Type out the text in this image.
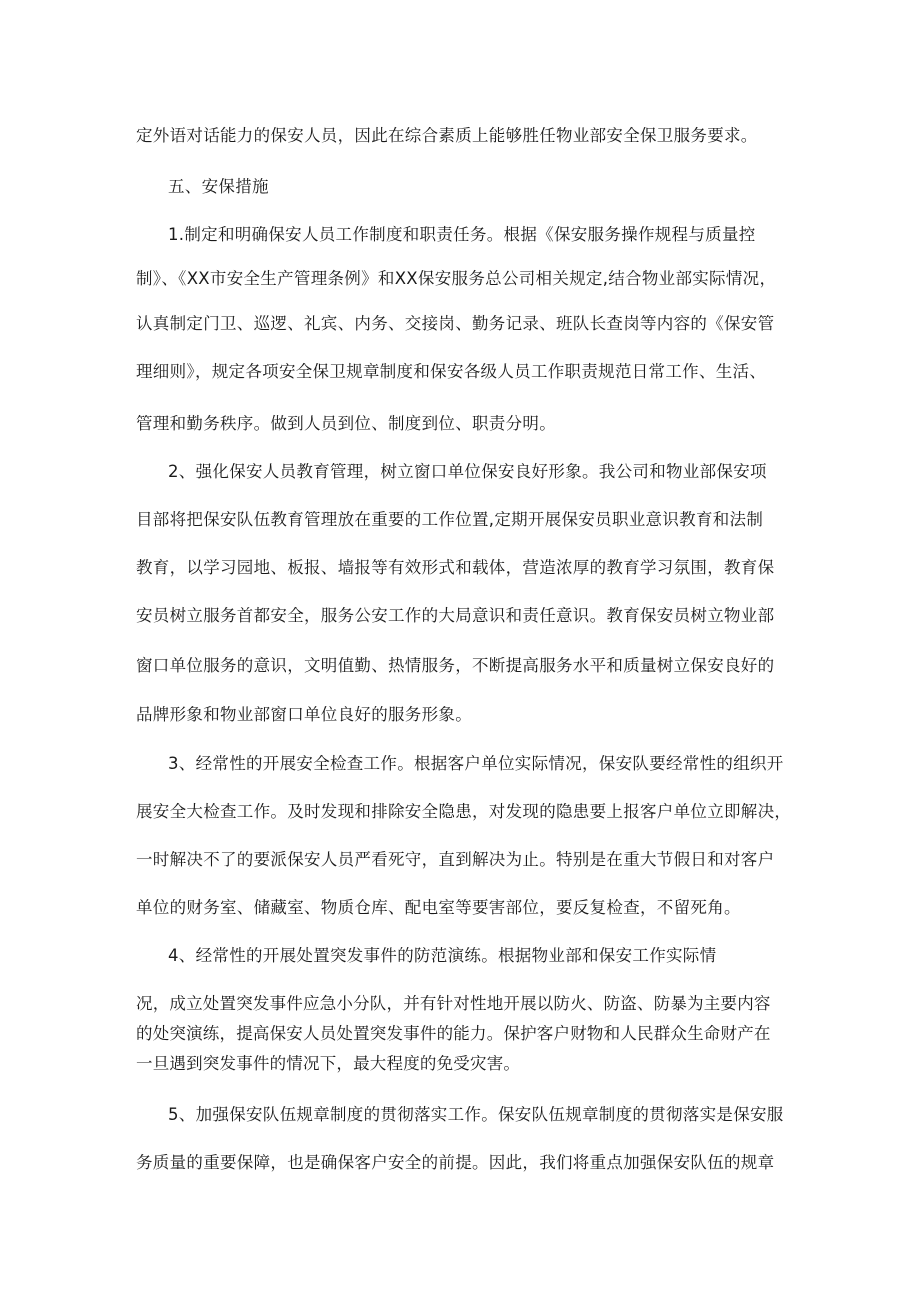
定外语对话能力的保安人员，因此在综合素质上能够胜任物业部安全保卫服务要求。
五、安保措施
1.制定和明确保安人员工作制度和职责任务。根据《保安服务操作规程与质量控
制》、《XX市安全生产管理条例》和XX保安服务总公司相关规定,结合物业部实际情况，
认真制定门卫、巡逻、礼宾、内务、交接岗、勤务记录、班队长查岗等内容的《保安管
理细则》，规定各项安全保卫规章制度和保安各级人员工作职责规范日常工作、生活、
管理和勤务秩序。做到人员到位、制度到位、职责分明。
2、强化保安人员教育管理，树立窗口单位保安良好形象。我公司和物业部保安项
目部将把保安队伍教育管理放在重要的工作位置,定期开展保安员职业意识教育和法制
教育，以学习园地、板报、墙报等有效形式和载体，营造浓厚的教育学习氛围，教育保
安员树立服务首都安全，服务公安工作的大局意识和责任意识。教育保安员树立物业部
窗口单位服务的意识，文明值勤、热情服务，不断提高服务水平和质量树立保安良好的
品牌形象和物业部窗口单位良好的服务形象。
3、经常性的开展安全检查工作。根据客户单位实际情况，保安队要经常性的组织开
展安全大检查工作。及时发现和排除安全隐患，对发现的隐患要上报客户单位立即解决，
一时解决不了的要派保安人员严看死守，直到解决为止。特别是在重大节假日和对客户
单位的财务室、储藏室、物质仓库、配电室等要害部位，要反复检查，不留死角。
4、经常性的开展处置突发事件的防范演练。根据物业部和保安工作实际情
况，成立处置突发事件应急小分队，并有针对性地开展以防火、防盗、防暴为主要内容
的处突演练，提高保安人员处置突发事件的能力。保护客户财物和人民群众生命财产在
一旦遇到突发事件的情况下，最大程度的免受灾害。
5、加强保安队伍规章制度的贯彻落实工作。保安队伍规章制度的贯彻落实是保安服
务质量的重要保障，也是确保客户安全的前提。因此，我们将重点加强保安队伍的规章
